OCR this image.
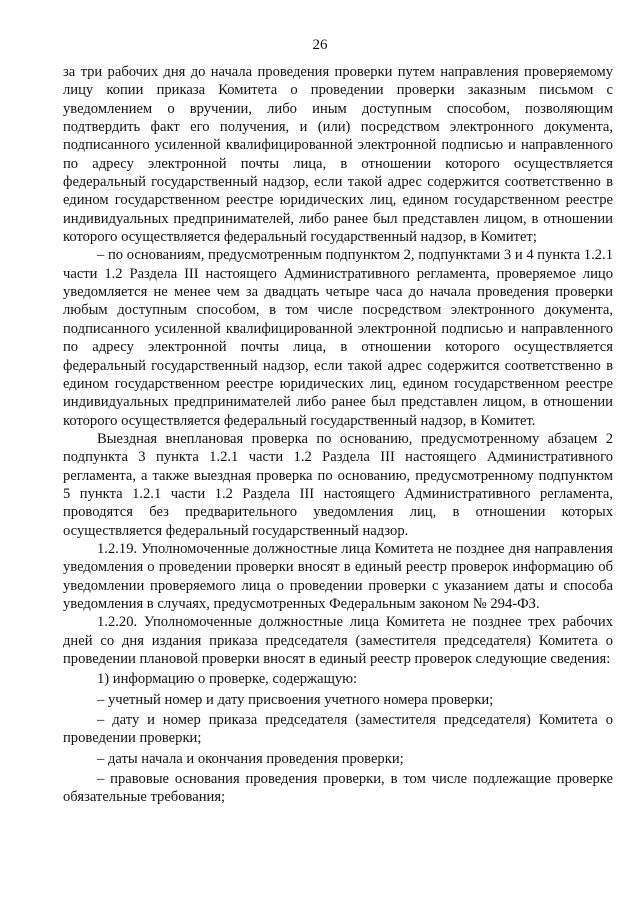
26

за три рабочих дня до начала проведения проверки путем направления проверяемому лицу копии приказа Комитета о проведении проверки заказным письмом с уведомлением о вручении, либо иным доступным способом, позволяющим подтвердить факт его получения, и (или) посредством электронного документа, подписанного усиленной квалифицированной электронной подписью и направленного по адресу электронной почты лица, в отношении которого осуществляется федеральный государственный надзор, если такой адрес содержится соответственно в едином государственном реестре юридических лиц, едином государственном реестре индивидуальных предпринимателей, либо ранее был представлен лицом, в отношении которого осуществляется федеральный государственный надзор, в Комитет;

– по основаниям, предусмотренным подпунктом 2, подпунктами 3 и 4 пункта 1.2.1 части 1.2 Раздела III настоящего Административного регламента, проверяемое лицо уведомляется не менее чем за двадцать четыре часа до начала проведения проверки любым доступным способом, в том числе посредством электронного документа, подписанного усиленной квалифицированной электронной подписью и направленного по адресу электронной почты лица, в отношении которого осуществляется федеральный государственный надзор, если такой адрес содержится соответственно в едином государственном реестре юридических лиц, едином государственном реестре индивидуальных предпринимателей либо ранее был представлен лицом, в отношении которого осуществляется федеральный государственный надзор, в Комитет.

Выездная внеплановая проверка по основанию, предусмотренному абзацем 2 подпункта 3 пункта 1.2.1 части 1.2 Раздела III настоящего Административного регламента, а также выездная проверка по основанию, предусмотренному подпунктом 5 пункта 1.2.1 части 1.2 Раздела III настоящего Административного регламента, проводятся без предварительного уведомления лиц, в отношении которых осуществляется федеральный государственный надзор.

1.2.19. Уполномоченные должностные лица Комитета не позднее дня направления уведомления о проведении проверки вносят в единый реестр проверок информацию об уведомлении проверяемого лица о проведении проверки с указанием даты и способа уведомления в случаях, предусмотренных Федеральным законом № 294-ФЗ.

1.2.20. Уполномоченные должностные лица Комитета не позднее трех рабочих дней со дня издания приказа председателя (заместителя председателя) Комитета о проведении плановой проверки вносят в единый реестр проверок следующие сведения:

1) информацию о проверке, содержащую:

– учетный номер и дату присвоения учетного номера проверки;

– дату и номер приказа председателя (заместителя председателя) Комитета о проведении проверки;

– даты начала и окончания проведения проверки;

– правовые основания проведения проверки, в том числе подлежащие проверке обязательные требования;
